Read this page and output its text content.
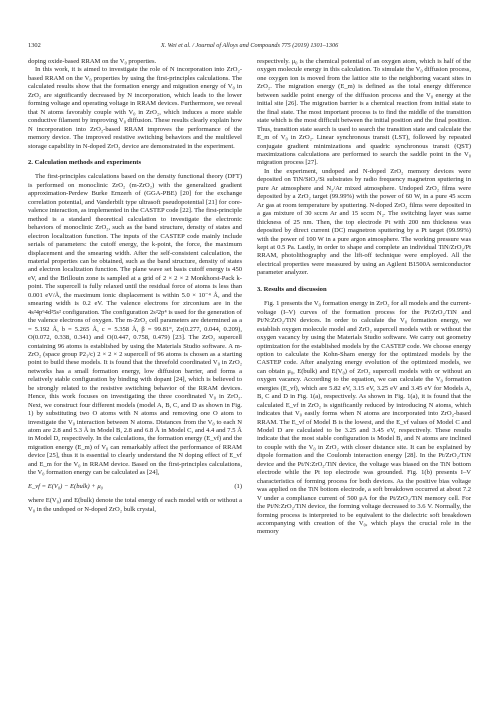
1302	X. Wei et al. / Journal of Alloys and Compounds 775 (2019) 1301–1306

doping oxide-based RRAM on the V₀ properties.

In this work, it is aimed to investigate the role of N incorporation into ZrO₂-based RRAM on the V₀ properties by using the first-principles calculations. The calculated results show that the formation energy and migration energy of V₀ in ZrO₂ are significantly decreased by N incorporation, which leads to the lower forming voltage and operating voltage in RRAM devices. Furthermore, we reveal that N atoms favorably couple with V₀ in ZrO₂, which induces a more stable conductive filament by improving V₀ diffusion. These results clearly explain how N incorporation into ZrO₂-based RRAM improves the performance of the memory device. The improved resistive switching behaviors and the multilevel storage capability in N-doped ZrO₂ device are demonstrated in the experiment.

2. Calculation methods and experiments

The first-principles calculations based on the density functional theory (DFT) is performed on monoclinic ZrO₂ (m-ZrO₂) with the generalized gradient approximation-Perdew Burke Ernzerh of (GGA-PBE) [20] for the exchange correlation potential, and Vanderbilt type ultrasoft pseudopotential [21] for core-valence interaction, as implemented in the CASTEP code [22]. The first-principle method is a standard theoretical calculation to investigate the electronic behaviors of monoclinic ZrO₂, such as the band structure, density of states and electron localization function. The inputs of the CASTEP code mainly include serials of parameters: the cutoff energy, the k-point, the force, the maximum displacement and the smearing width. After the self-consistent calculation, the material properties can be obtained, such as the band structure, density of states and electron localization function. The plane wave set basis cutoff energy is 450 eV, and the Brillouin zone is sampled at a grid of 2 × 2 × 2 Monkhorst-Pack k-point. The supercell is fully relaxed until the residual force of atoms is less than 0.001 eV/Å, the maximum ionic displacement is within 5.0 × 10⁻⁴ Å, and the smearing width is 0.2 eV. The valence electrons for zirconium are in the 4s²4p⁶4d²5s² configuration. The configuration 2s²2p⁴ is used for the generation of the valence electrons of oxygen. The m-ZrO₂ cell parameters are determined as a = 5.192 Å, b = 5.265 Å, c = 5.358 Å, β = 99.81°, Zr(0.277, 0.044, 0.209), O(0.072, 0.338, 0.341) and O(0.447, 0.758, 0.479) [23]. The ZrO₂ supercell containing 96 atoms is established by using the Materials Studio software. A m-ZrO₂ (space group P2₁/c) 2 × 2 × 2 supercell of 96 atoms is chosen as a starting point to build these models. It is found that the threefold coordinated V₀ in ZrO₂ networks has a small formation energy, low diffusion barrier, and forms a relatively stable configuration by binding with dopant [24], which is believed to be strongly related to the resistive switching behavior of the RRAM devices. Hence, this work focuses on investigating the three coordinated V₀ in ZrO₂. Next, we construct four different models (model A, B, C, and D as shown in Fig. 1) by substituting two O atoms with N atoms and removing one O atom to investigate the V₀ interaction between N atoms. Distances from the V₀ to each N atom are 2.8 and 5.3 Å in Model B, 2.8 and 6.8 Å in Model C, and 4.4 and 7.5 Å in Model D, respectively. In the calculations, the formation energy (E_vf) and the migration energy (E_m) of V₀ can remarkably affect the performance of RRAM device [25], thus it is essential to clearly understand the N doping effect of E_vf and E_m for the V₀ in RRAM device. Based on the first-principles calculations, the V₀ formation energy can be calculated as [24],

E_vf = E(V₀) − E(bulk) + μ₀	(1)

where E(V₀) and E(bulk) denote the total energy of each model with or without a V₀ in the undoped or N-doped ZrO₂ bulk crystal,

respectively. μ₀ is the chemical potential of an oxygen atom, which is half of the oxygen molecule energy in this calculation. To simulate the V₀ diffusion process, one oxygen ion is moved from the lattice site to the neighboring vacant sites in ZrO₂. The migration energy (E_m) is defined as the total energy difference between saddle point energy of the diffusion process and the V₀ energy at the initial site [26]. The migration barrier is a chemical reaction from initial state to the final state. The most important process is to find the middle of the transition state which is the most difficult between the initial position and the final position. Thus, transition state search is used to search the transition state and calculate the E_m of V₀ in ZrO₂. Linear synchronous transit (LST), followed by repeated conjugate gradient minimizations and quadric synchronous transit (QST) maximizations calculations are performed to search the saddle point in the V₀ migration process [27].

In the experiment, undoped and N-doped ZrO₂ memory devices were deposited on TiN/SiO₂/Si substrates by radio frequency magnetron sputtering in pure Ar atmosphere and N₂/Ar mixed atmosphere. Undoped ZrO₂ films were deposited by a ZrO₂ target (99.99%) with the power of 60 W, in a pure 45 sccm Ar gas at room temperature by sputtering. N-doped ZrO₂ films were deposited in a gas mixture of 30 sccm Ar and 15 sccm N₂. The switching layer was same thickness of 25 nm. Then, the top electrode Pt with 200 nm thickness was deposited by direct current (DC) magnetron sputtering by a Pt target (99.99%) with the power of 100 W in a pure argon atmosphere. The working pressure was kept at 0.5 Pa. Lastly, in order to shape and complete an individual TiN/ZrO₂/Pt RRAM, photolithography and the lift-off technique were employed. All the electrical properties were measured by using an Agilent B1500A semiconductor parameter analyzer.

3. Results and discussion

Fig. 1 presents the V₀ formation energy in ZrO₂ for all models and the current-voltage (I–V) curves of the formation process for the Pt/ZrO₂/TiN and Pt/N:ZrO₂/TiN devices. In order to calculate the V₀ formation energy, we establish oxygen molecule model and ZrO₂ supercell models with or without the oxygen vacancy by using the Materials Studio software. We carry out geometry optimization for the established models by the CASTEP code. We choose energy option to calculate the Kohn-Sham energy for the optimized models by the CASTEP code. After analyzing energy evolution of the optimized models, we can obtain μ₀, E(bulk) and E(V₀) of ZrO₂ supercell models with or without an oxygen vacancy. According to the equation, we can calculate the V₀ formation energies (E_vf), which are 5.82 eV, 3.15 eV, 3.25 eV and 3.45 eV for Models A, B, C and D in Fig. 1(a), respectively. As shown in Fig. 1(a), it is found that the calculated E_vf in ZrO₂ is significantly reduced by introducing N atoms, which indicates that V₀ easily forms when N atoms are incorporated into ZrO₂-based RRAM. The E_vf of Model B is the lowest, and the E_vf values of Model C and Model D are calculated to be 3.25 and 3.45 eV, respectively. These results indicate that the most stable configuration is Model B, and N atoms are inclined to couple with the V₀ in ZrO₂ with closer distance site. It can be explained by dipole formation and the Coulomb interaction energy [28]. In the Pt/ZrO₂/TiN device and the Pt/N:ZrO₂/TiN device, the voltage was biased on the TiN bottom electrode while the Pt top electrode was grounded. Fig. 1(b) presents I–V characteristics of forming process for both devices. As the positive bias voltage was applied on the TiN bottom electrode, a soft breakdown occurred at about 7.2 V under a compliance current of 500 μA for the Pt/ZrO₂/TiN memory cell. For the Pt/N:ZrO₂/TiN device, the forming voltage decreased to 3.6 V. Normally, the forming process is interpreted to be equivalent to the dielectric soft breakdown accompanying with creation of the V₀, which plays the crucial role in the memory
